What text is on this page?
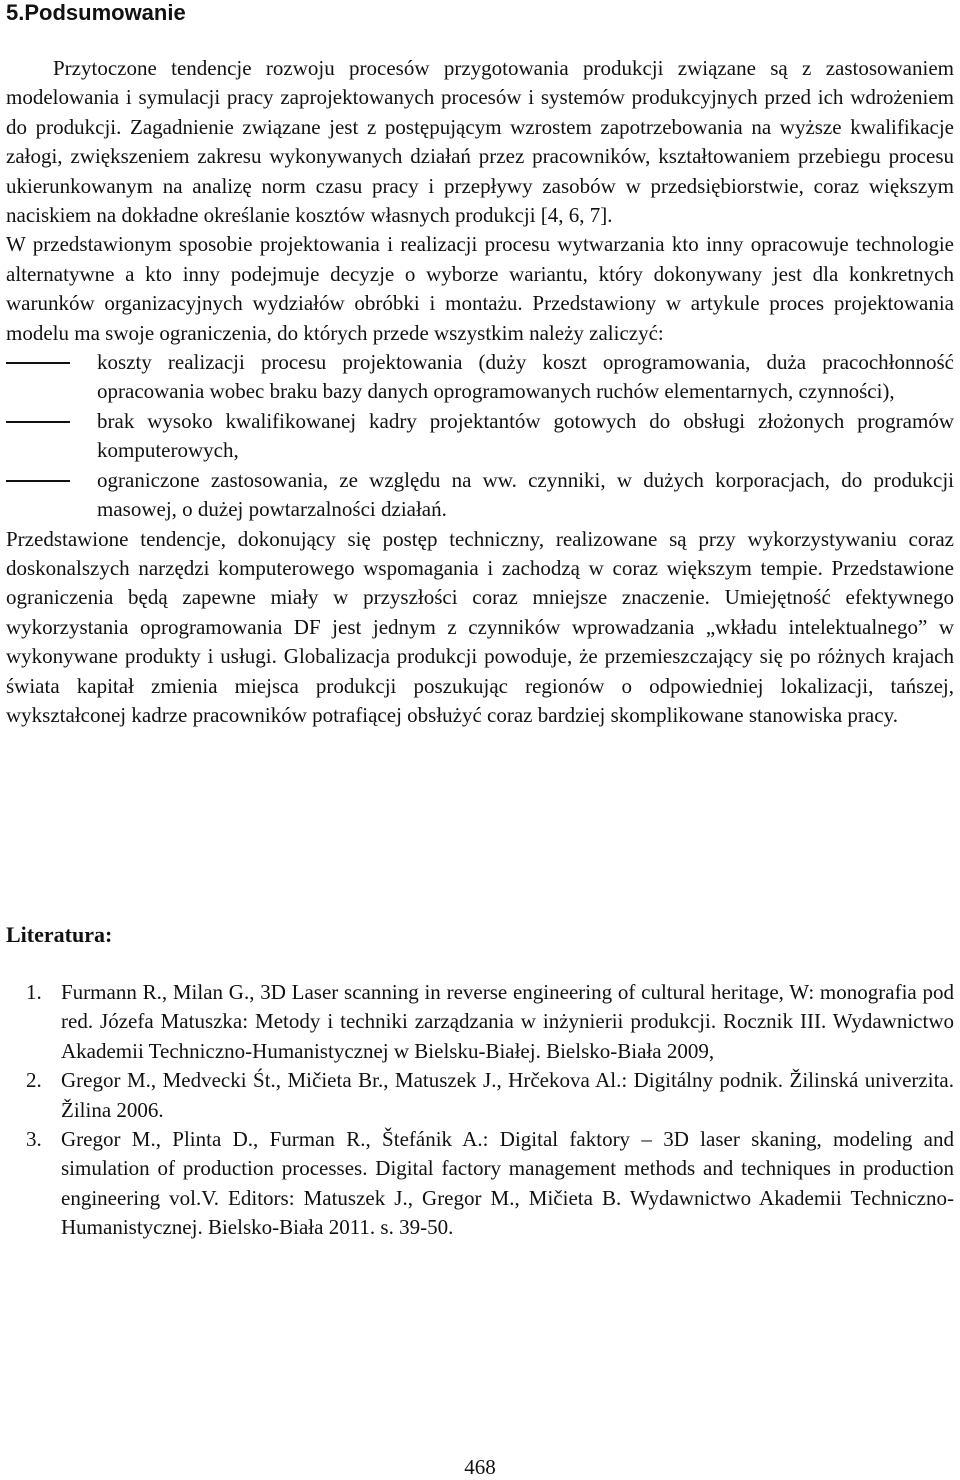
5.Podsumowanie

Przytoczone tendencje rozwoju procesów przygotowania produkcji związane są z zastosowaniem modelowania i symulacji pracy zaprojektowanych procesów i systemów produkcyjnych przed ich wdrożeniem do produkcji. Zagadnienie związane jest z postępującym wzrostem zapotrzebowania na wyższe kwalifikacje załogi, zwiększeniem zakresu wykonywanych działań przez pracowników, kształtowaniem przebiegu procesu ukierunkowanym na analizę norm czasu pracy i przepływy zasobów w przedsiębiorstwie, coraz większym naciskiem na dokładne określanie kosztów własnych produkcji [4, 6, 7].

W przedstawionym sposobie projektowania i realizacji procesu wytwarzania kto inny opracowuje technologie alternatywne a kto inny podejmuje decyzje o wyborze wariantu, który dokonywany jest dla konkretnych warunków organizacyjnych wydziałów obróbki i montażu. Przedstawiony w artykule proces projektowania modelu ma swoje ograniczenia, do których przede wszystkim należy zaliczyć:

koszty realizacji procesu projektowania (duży koszt oprogramowania, duża pracochłonność opracowania wobec braku bazy danych oprogramowanych ruchów elementarnych, czynności),
brak wysoko kwalifikowanej kadry projektantów gotowych do obsługi złożonych programów komputerowych,
ograniczone zastosowania, ze względu na ww. czynniki, w dużych korporacjach, do produkcji masowej, o dużej powtarzalności działań.

Przedstawione tendencje, dokonujący się postęp techniczny, realizowane są przy wykorzystywaniu coraz doskonalszych narzędzi komputerowego wspomagania i zachodzą w coraz większym tempie. Przedstawione ograniczenia będą zapewne miały w przyszłości coraz mniejsze znaczenie. Umiejętność efektywnego wykorzystania oprogramowania DF jest jednym z czynników wprowadzania „wkładu intelektualnego” w wykonywane produkty i usługi. Globalizacja produkcji powoduje, że przemieszczający się po różnych krajach świata kapitał zmienia miejsca produkcji poszukując regionów o odpowiedniej lokalizacji, tańszej, wykształconej kadrze pracowników potrafiącej obsłużyć coraz bardziej skomplikowane stanowiska pracy.

Literatura:
1. Furmann R., Milan G., 3D Laser scanning in reverse engineering of cultural heritage, W: monografia pod red. Józefa Matuszka: Metody i techniki zarządzania w inżynierii produkcji. Rocznik III. Wydawnictwo Akademii Techniczno-Humanistycznej w Bielsku-Białej. Bielsko-Biała 2009,
2. Gregor M., Medvecki Śt., Mičieta Br., Matuszek J., Hrčekova Al.: Digitálny podnik. Žilinská univerzita. Žilina 2006.
3. Gregor M., Plinta D., Furman R., Štefánik A.: Digital faktory – 3D laser skaning, modeling and simulation of production processes. Digital factory management methods and techniques in production engineering vol.V. Editors: Matuszek J., Gregor M., Mičieta B. Wydawnictwo Akademii Techniczno-Humanistycznej. Bielsko-Biała 2011. s. 39-50.
468
